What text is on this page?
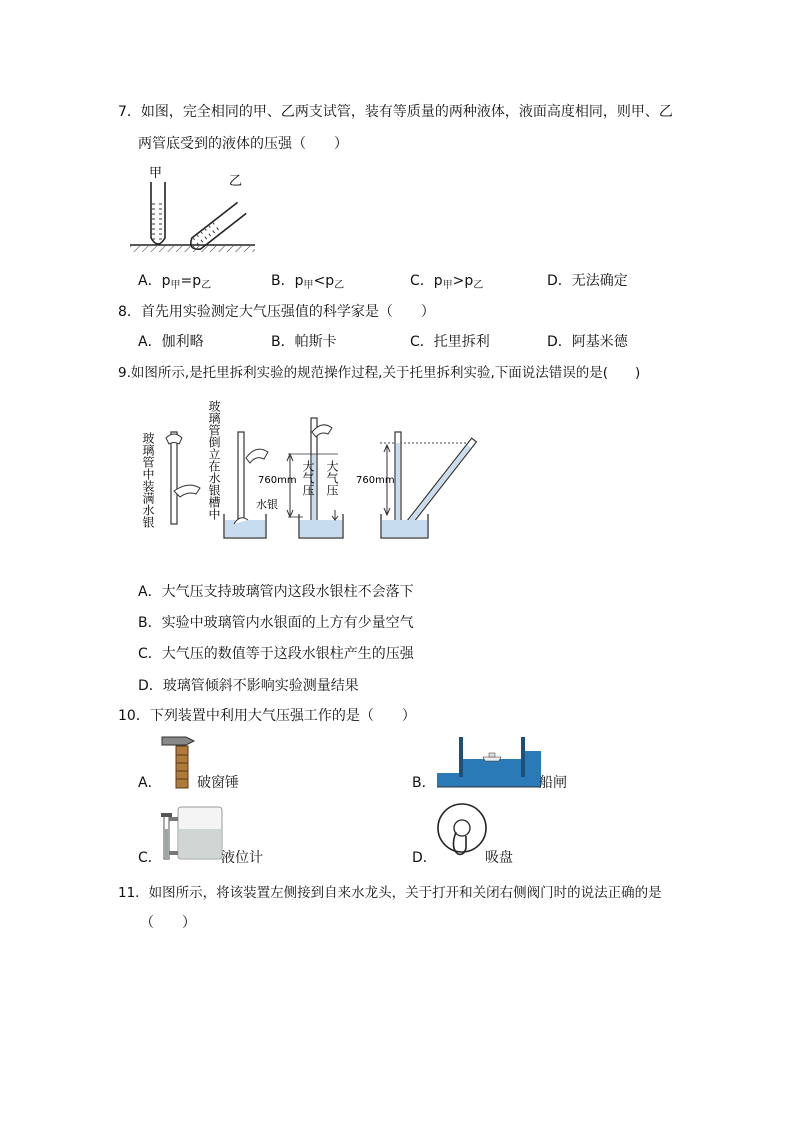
7．如图，完全相同的甲、乙两支试管，装有等质量的两种液体，液面高度相同，则甲、乙
两管底受到的液体的压强（　　）
甲
乙
A．$p_甲=p_乙$	B．$p_甲<p_乙$	C．$p_甲>p_乙$	D．无法确定
8．首先用实验测定大气压强值的科学家是（　　）
A．伽利略	B．帕斯卡	C．托里拆利	D．阿基米德
9.如图所示,是托里拆利实验的规范操作过程,关于托里拆利实验,下面说法错误的是(　　)
玻璃管中装满水银	玻璃管倒立在水银槽中	水银
760mm 大气压 大气压 760mm
A．大气压支持玻璃管内这段水银柱不会落下
B．实验中玻璃管内水银面的上方有少量空气
C．大气压的数值等于这段水银柱产生的压强
D．玻璃管倾斜不影响实验测量结果
10．下列装置中利用大气压强工作的是（　　）
A．	破窗锤	B．	船闸
C．	液位计	D．	吸盘
11．如图所示，将该装置左侧接到自来水龙头，关于打开和关闭右侧阀门时的说法正确的是
（　　）
